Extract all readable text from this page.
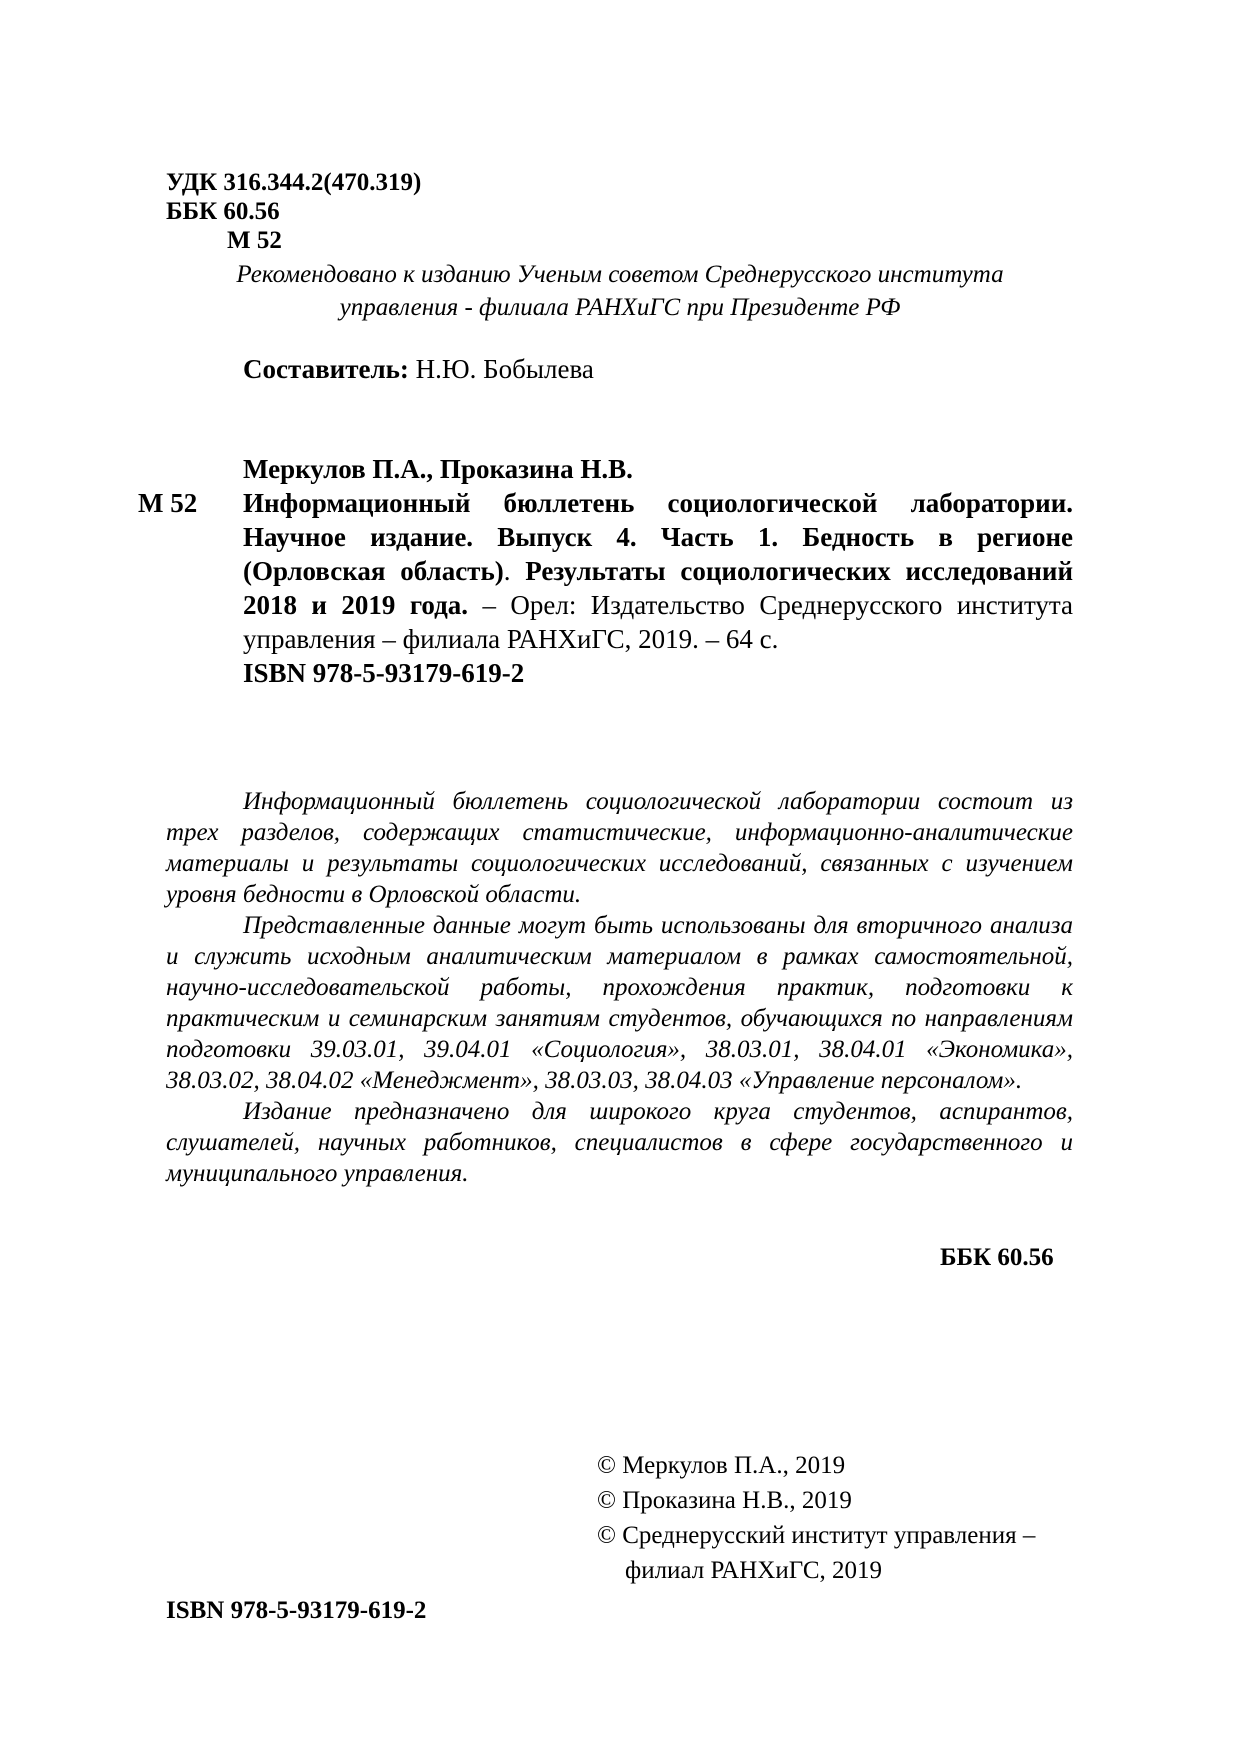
УДК 316.344.2(470.319)
ББК 60.56
М 52
Рекомендовано к изданию Ученым советом Среднерусского института
управления - филиала РАНХиГС при Президенте РФ
Составитель: Н.Ю. Бобылева
М 52
Меркулов П.А., Проказина Н.В.
Информационный бюллетень социологической лаборатории. Научное издание. Выпуск 4. Часть 1. Бедность в регионе (Орловская область). Результаты социологических исследований 2018 и 2019 года. – Орел: Издательство Среднерусского института управления – филиала РАНХиГС, 2019. – 64 с.
ISBN 978-5-93179-619-2

Информационный бюллетень социологической лаборатории состоит из трех разделов, содержащих статистические, информационно-аналитические материалы и результаты социологических исследований, связанных с изучением уровня бедности в Орловской области.

Представленные данные могут быть использованы для вторичного анализа и служить исходным аналитическим материалом в рамках самостоятельной, научно-исследовательской работы, прохождения практик, подготовки к практическим и семинарским занятиям студентов, обучающихся по направлениям подготовки 39.03.01, 39.04.01 «Социология», 38.03.01, 38.04.01 «Экономика», 38.03.02, 38.04.02 «Менеджмент», 38.03.03, 38.04.03 «Управление персоналом».

Издание предназначено для широкого круга студентов, аспирантов, слушателей, научных работников, специалистов в сфере государственного и муниципального управления.

ББК 60.56
ISBN 978-5-93179-619-2
© Меркулов П.А., 2019
© Проказина Н.В., 2019
© Среднерусский институт управления –
филиал РАНХиГС, 2019
